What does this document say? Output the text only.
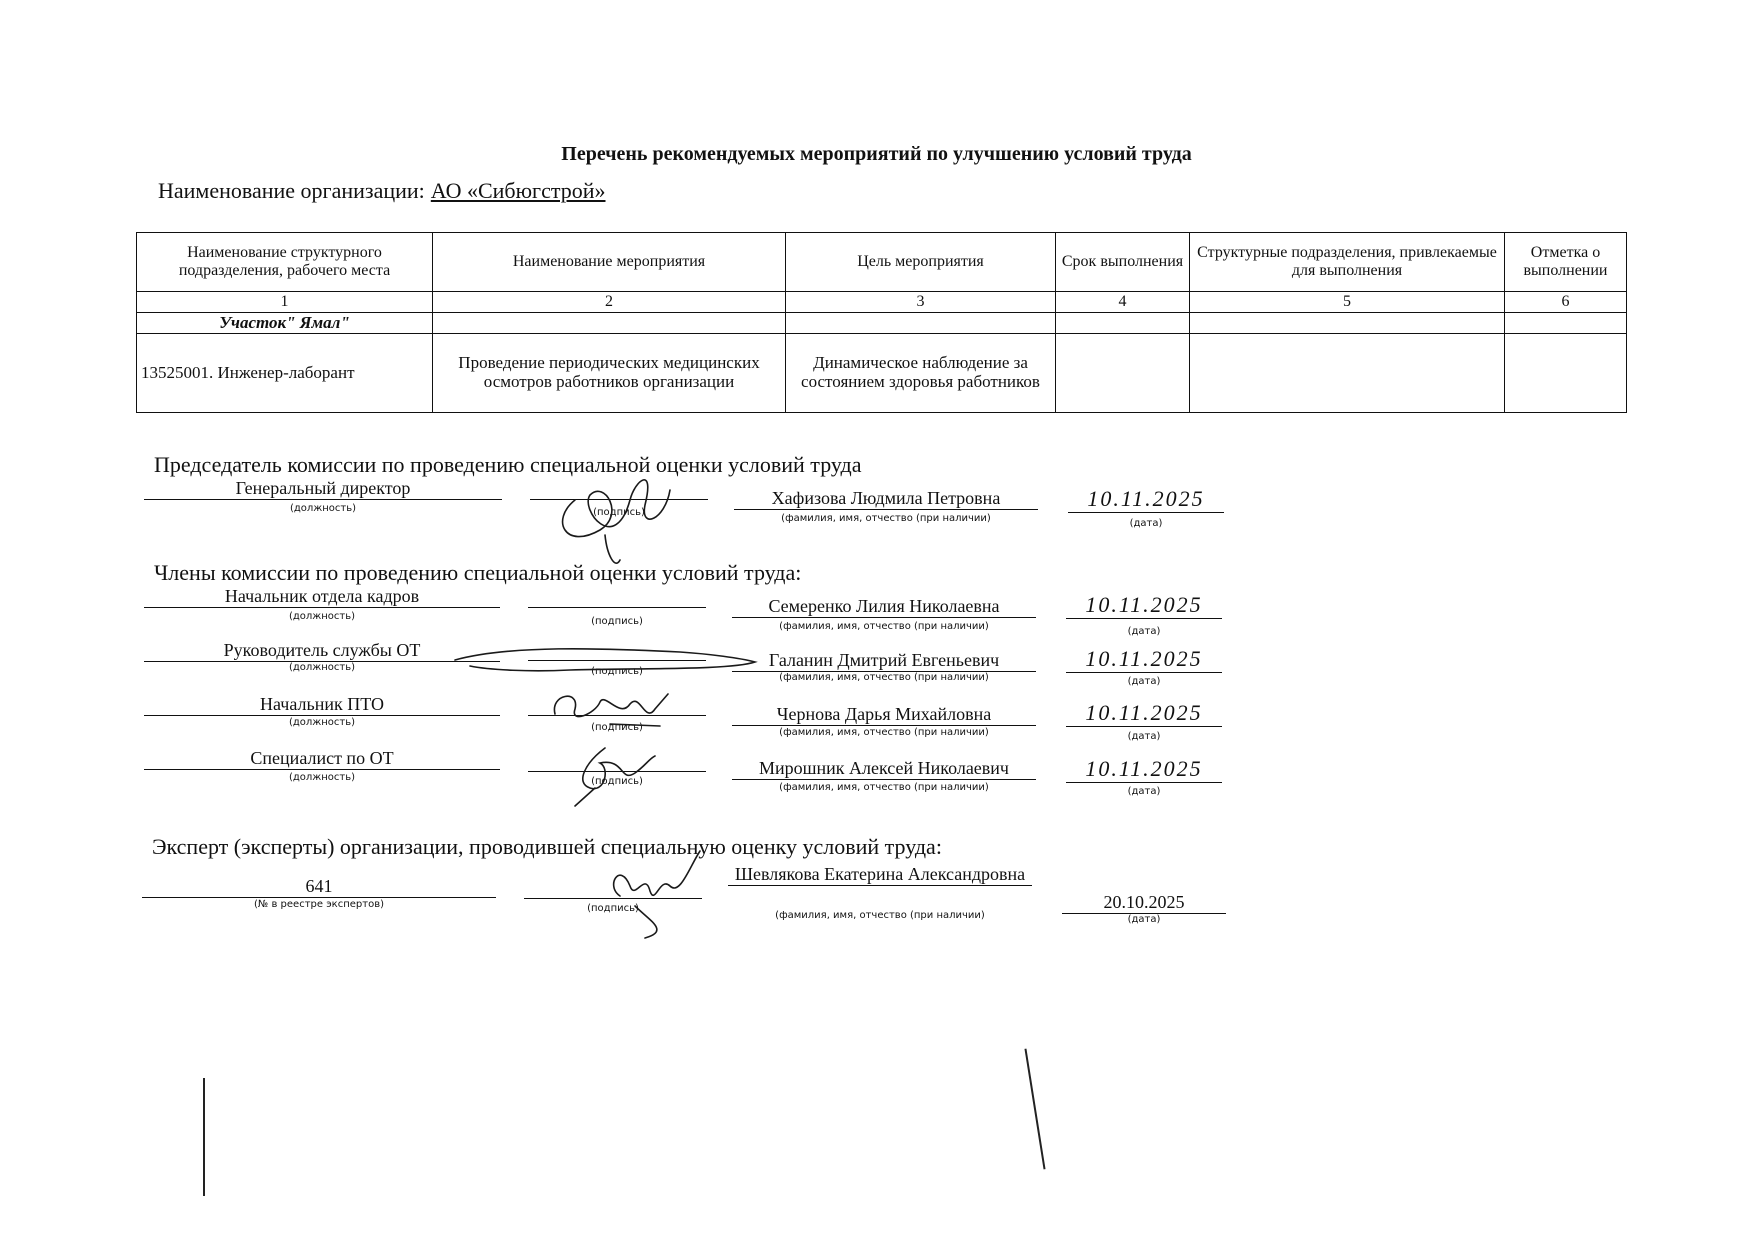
Перечень рекомендуемых мероприятий по улучшению условий труда
Наименование организации: АО «Сибюгстрой»
Наименование структурного подразделения, рабочего места	Наименование мероприятия	Цель мероприятия	Срок выполнения	Структурные подразделения, привлекаемые для выполнения	Отметка о выполнении
1	2	3	4	5	6
Участок" Ямал"					
13525001. Инженер-лаборант	Проведение периодических медицинских осмотров работников организации	Динамическое наблюдение за состоянием здоровья работников			
Председатель комиссии по проведению специальной оценки условий труда
Генеральный директор
(должность)	(подпись)
Хафизова Людмила Петровна
(фамилия, имя, отчество (при наличии)
10.11.2025
(дата)
Члены комиссии по проведению специальной оценки условий труда:
Начальник отдела кадров
(должность)	(подпись)
Семеренко Лилия Николаевна
(фамилия, имя, отчество (при наличии)
10.11.2025
(дата)
Руководитель службы ОТ
(должность)	(подпись)
Галанин Дмитрий Евгеньевич
(фамилия, имя, отчество (при наличии)
10.11.2025
(дата)
Начальник ПТО
(должность)	(подпись)
Чернова Дарья Михайловна
(фамилия, имя, отчество (при наличии)
10.11.2025
(дата)
Специалист по ОТ
(должность)	(подпись)
Мирошник Алексей Николаевич
(фамилия, имя, отчество (при наличии)
10.11.2025
(дата)
Эксперт (эксперты) организации, проводившей специальную оценку условий труда:
641
(№ в реестре экспертов)	(подпись)
Шевлякова Екатерина Александровна
(фамилия, имя, отчество (при наличии)
20.10.2025
(дата)
